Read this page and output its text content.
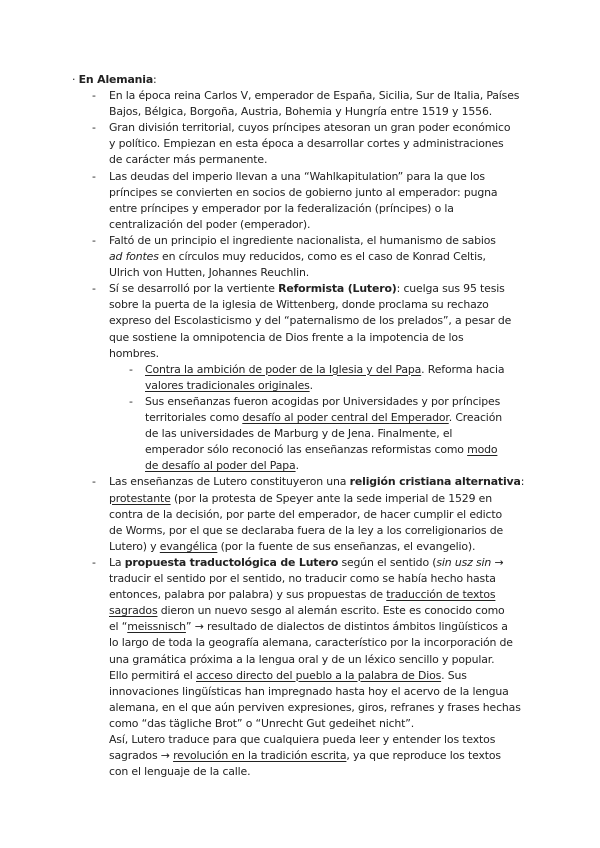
· En Alemania:
- En la época reina Carlos V, emperador de España, Sicilia, Sur de Italia, Países
Bajos, Bélgica, Borgoña, Austria, Bohemia y Hungría entre 1519 y 1556.
- Gran división territorial, cuyos príncipes atesoran un gran poder económico
y político. Empiezan en esta época a desarrollar cortes y administraciones
de carácter más permanente.
- Las deudas del imperio llevan a una “Wahlkapitulation” para la que los
príncipes se convierten en socios de gobierno junto al emperador: pugna
entre príncipes y emperador por la federalización (príncipes) o la
centralización del poder (emperador).
- Faltó de un principio el ingrediente nacionalista, el humanismo de sabios
ad fontes en círculos muy reducidos, como es el caso de Konrad Celtis,
Ulrich von Hutten, Johannes Reuchlin.
- Sí se desarrolló por la vertiente Reformista (Lutero): cuelga sus 95 tesis
sobre la puerta de la iglesia de Wittenberg, donde proclama su rechazo
expreso del Escolasticismo y del “paternalismo de los prelados”, a pesar de
que sostiene la omnipotencia de Dios frente a la impotencia de los
hombres.
- Contra la ambición de poder de la Iglesia y del Papa. Reforma hacia
valores tradicionales originales.
- Sus enseñanzas fueron acogidas por Universidades y por príncipes
territoriales como desafío al poder central del Emperador. Creación
de las universidades de Marburg y de Jena. Finalmente, el
emperador sólo reconoció las enseñanzas reformistas como modo
de desafío al poder del Papa.
- Las enseñanzas de Lutero constituyeron una religión cristiana alternativa:
protestante (por la protesta de Speyer ante la sede imperial de 1529 en
contra de la decisión, por parte del emperador, de hacer cumplir el edicto
de Worms, por el que se declaraba fuera de la ley a los correligionarios de
Lutero) y evangélica (por la fuente de sus enseñanzas, el evangelio).
- La propuesta traductológica de Lutero según el sentido (sin usz sin →
traducir el sentido por el sentido, no traducir como se había hecho hasta
entonces, palabra por palabra) y sus propuestas de traducción de textos
sagrados dieron un nuevo sesgo al alemán escrito. Este es conocido como
el “meissnisch” → resultado de dialectos de distintos ámbitos lingüísticos a
lo largo de toda la geografía alemana, característico por la incorporación de
una gramática próxima a la lengua oral y de un léxico sencillo y popular.
Ello permitirá el acceso directo del pueblo a la palabra de Dios. Sus
innovaciones lingüísticas han impregnado hasta hoy el acervo de la lengua
alemana, en el que aún perviven expresiones, giros, refranes y frases hechas
como “das tägliche Brot” o “Unrecht Gut gedeihet nicht”.
Así, Lutero traduce para que cualquiera pueda leer y entender los textos
sagrados → revolución en la tradición escrita, ya que reproduce los textos
con el lenguaje de la calle.
